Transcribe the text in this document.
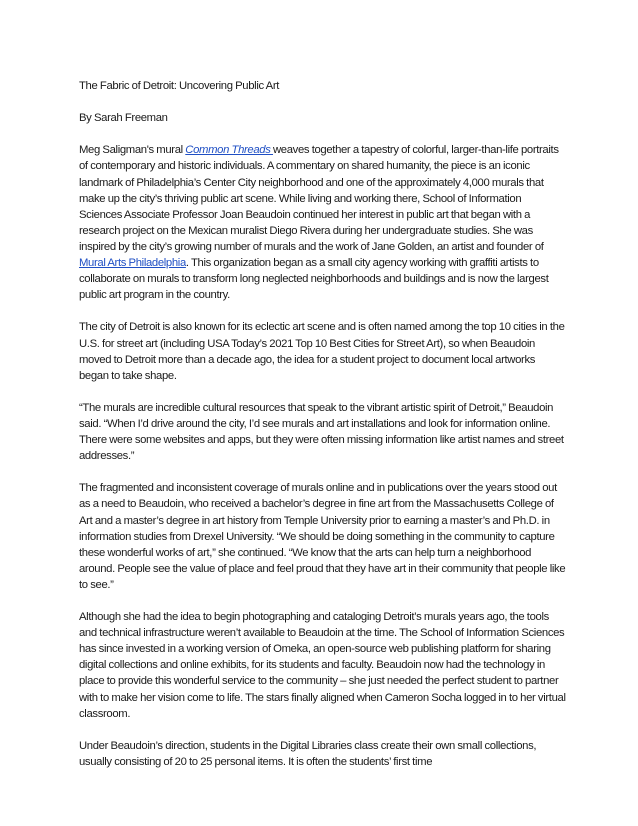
The Fabric of Detroit: Uncovering Public Art
By Sarah Freeman

Meg Saligman's mural Common Threads weaves together a tapestry of colorful, larger-than-life portraits of contemporary and historic individuals. A commentary on shared humanity, the piece is an iconic landmark of Philadelphia’s Center City neighborhood and one of the approximately 4,000 murals that make up the city’s thriving public art scene. While living and working there, School of Information Sciences Associate Professor Joan Beaudoin continued her interest in public art that began with a research project on the Mexican muralist Diego Rivera during her undergraduate studies. She was inspired by the city’s growing number of murals and the work of Jane Golden, an artist and founder of Mural Arts Philadelphia. This organization began as a small city agency working with graffiti artists to collaborate on murals to transform long neglected neighborhoods and buildings and is now the largest public art program in the country.

The city of Detroit is also known for its eclectic art scene and is often named among the top 10 cities in the U.S. for street art (including USA Today’s 2021 Top 10 Best Cities for Street Art), so when Beaudoin moved to Detroit more than a decade ago, the idea for a student project to document local artworks began to take shape.

“The murals are incredible cultural resources that speak to the vibrant artistic spirit of Detroit,” Beaudoin said. “When I’d drive around the city, I’d see murals and art installations and look for information online. There were some websites and apps, but they were often missing information like artist names and street addresses.”

The fragmented and inconsistent coverage of murals online and in publications over the years stood out as a need to Beaudoin, who received a bachelor’s degree in fine art from the Massachusetts College of Art and a master’s degree in art history from Temple University prior to earning a master’s and Ph.D. in information studies from Drexel University. “We should be doing something in the community to capture these wonderful works of art,” she continued. “We know that the arts can help turn a neighborhood around. People see the value of place and feel proud that they have art in their community that people like to see.”

Although she had the idea to begin photographing and cataloging Detroit’s murals years ago, the tools and technical infrastructure weren’t available to Beaudoin at the time. The School of Information Sciences has since invested in a working version of Omeka, an open-source web publishing platform for sharing digital collections and online exhibits, for its students and faculty. Beaudoin now had the technology in place to provide this wonderful service to the community – she just needed the perfect student to partner with to make her vision come to life. The stars finally aligned when Cameron Socha logged in to her virtual classroom.

Under Beaudoin’s direction, students in the Digital Libraries class create their own small collections, usually consisting of 20 to 25 personal items. It is often the students’ first time
